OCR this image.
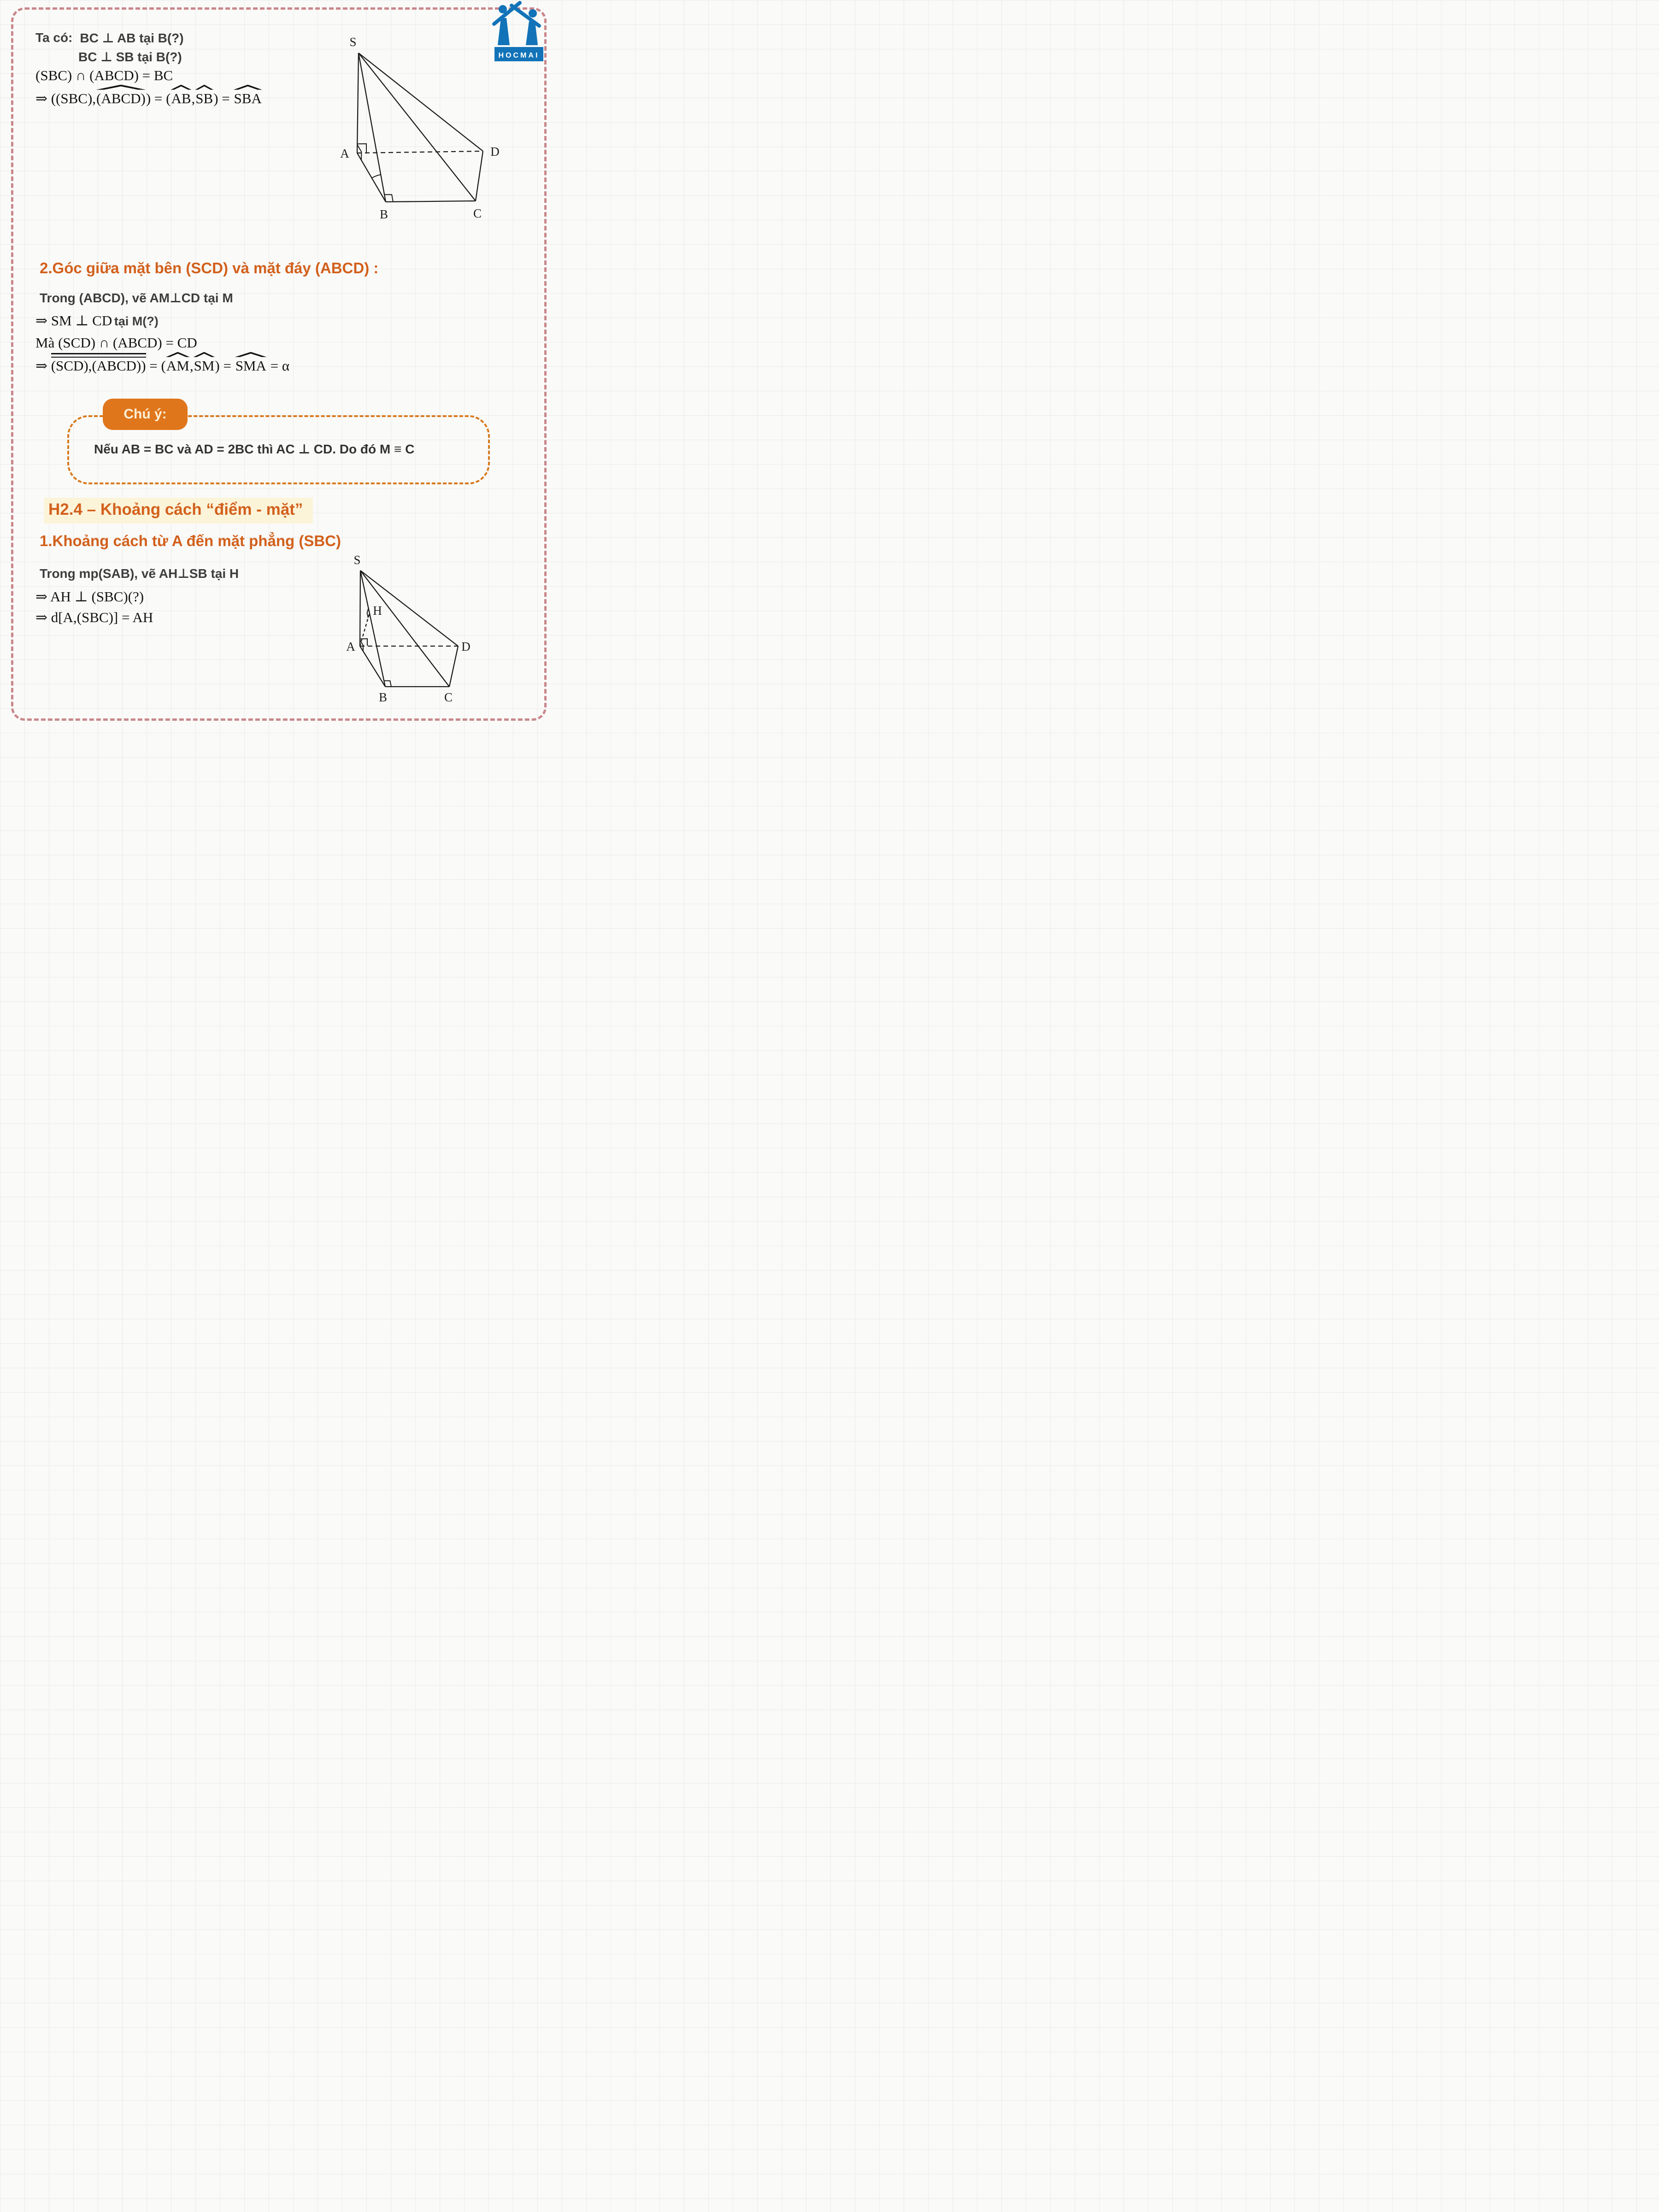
HOCMAI
Ta có: BC ⊥ AB tại B(?)
BC ⊥ SB tại B(?)
(SBC) ∩ (ABCD) = BC
⇒ ((SBC),(ABCD)) = (AB,SB) = SBA
S
A	D
B	C
2.Góc giữa mặt bên (SCD) và mặt đáy (ABCD) :
Trong (ABCD), vẽ AM⊥CD tại M
⇒ SM ⊥ CD tại M(?)
Mà (SCD) ∩ (ABCD) = CD
⇒ (SCD),(ABCD)) = (AM,SM) = SMA = α
Chú ý:
Nếu AB = BC và AD = 2BC thì AC ⊥ CD. Do đó M ≡ C
H2.4 – Khoảng cách “điểm - mặt”
1.Khoảng cách từ A đến mặt phẳng (SBC)
Trong mp(SAB), vẽ AH⊥SB tại H
⇒ AH ⊥ (SBC)(?)
⇒ d[A,(SBC)] = AH
S
H
A	D
B	C
